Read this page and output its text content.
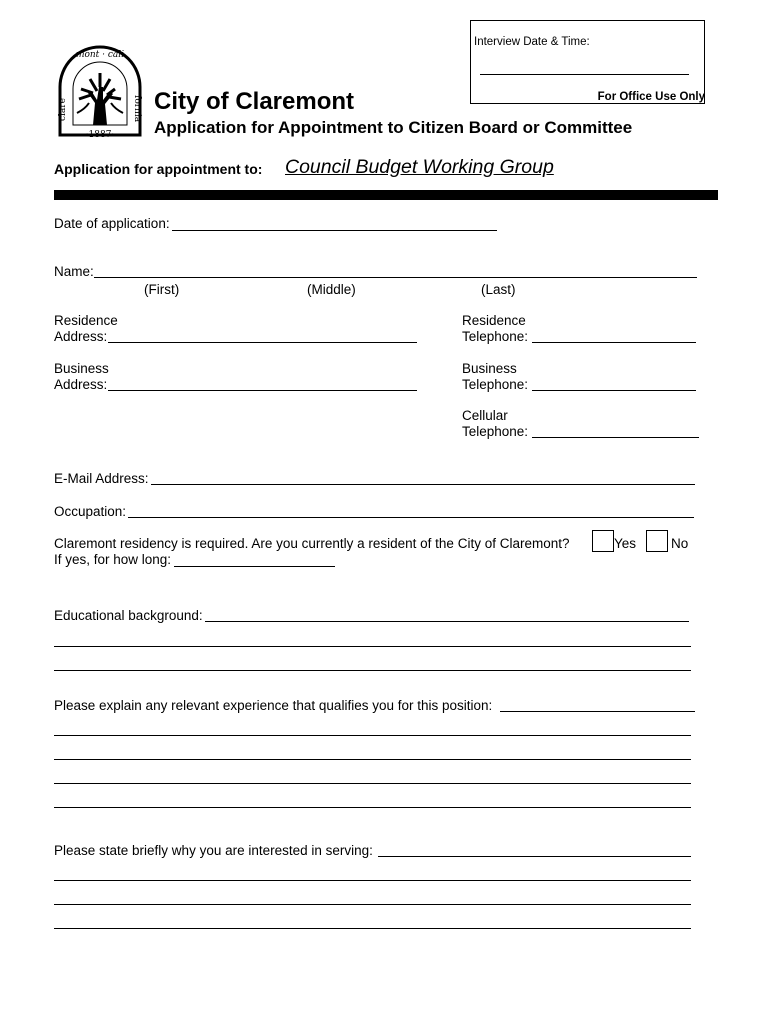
Interview Date & Time:
For Office Use Only
mont · cali
clare	fornia
·1887·
City of Claremont
Application for Appointment to Citizen Board or Committee
Application for appointment to: Council Budget Working Group
Date of application:
Name:
(First)	(Middle)	(Last)
Residence
Address:
Residence
Telephone:
Business
Address:
Business
Telephone:
Cellular
Telephone:
E-Mail Address:
Occupation:
Claremont residency is required. Are you currently a resident of the City of Claremont?	Yes	No
If yes, for how long:
Educational background:
Please explain any relevant experience that qualifies you for this position:
Please state briefly why you are interested in serving:
